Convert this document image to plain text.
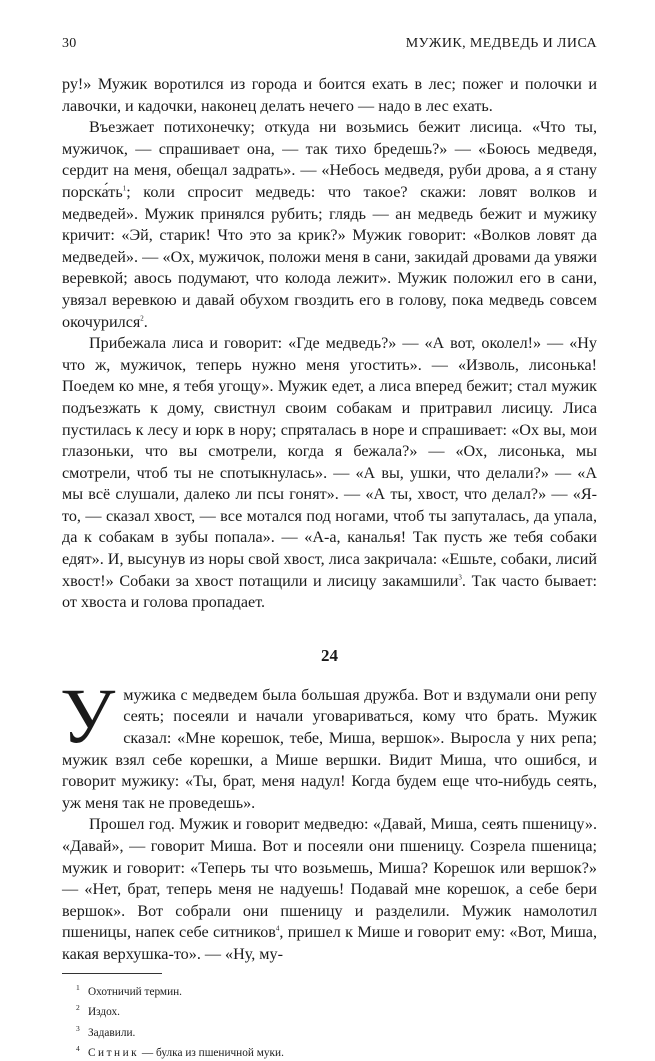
30	МУЖИК, МЕДВЕДЬ И ЛИСА

ру!» Мужик воротился из города и боится ехать в лес; пожег и полочки и лавочки, и кадочки, наконец делать нечего — надо в лес ехать.

Въезжает потихонечку; откуда ни возьмись бежит лисица. «Что ты, мужичок, — спрашивает она, — так тихо бредешь?» — «Боюсь медведя, сердит на меня, обещал задрать». — «Небось медведя, руби дрова, а я стану порска́ть$^1$; коли спросит медведь: что такое? скажи: ловят волков и медведей». Мужик принялся рубить; глядь — ан медведь бежит и мужику кричит: «Эй, старик! Что это за крик?» Мужик говорит: «Волков ловят да медведей». — «Ох, мужичок, положи меня в сани, закидай дровами да увяжи веревкой; авось подумают, что колода лежит». Мужик положил его в сани, увязал веревкою и давай обухом гвоздить его в голову, пока медведь совсем окочурился$^2$.

Прибежала лиса и говорит: «Где медведь?» — «А вот, околел!» — «Ну что ж, мужичок, теперь нужно меня угостить». — «Изволь, лисонька! Поедем ко мне, я тебя угощу». Мужик едет, а лиса вперед бежит; стал мужик подъезжать к дому, свистнул своим собакам и притравил лисицу. Лиса пустилась к лесу и юрк в нору; спряталась в норе и спрашивает: «Ох вы, мои глазоньки, что вы смотрели, когда я бежала?» — «Ох, лисонька, мы смотрели, чтоб ты не спотыкнулась». — «А вы, ушки, что делали?» — «А мы всё слушали, далеко ли псы гонят». — «А ты, хвост, что делал?» — «Я-то, — сказал хвост, — все мотался под ногами, чтоб ты запуталась, да упала, да к собакам в зубы попала». — «А-а, каналья! Так пусть же тебя собаки едят». И, высунув из норы свой хвост, лиса закричала: «Ешьте, собаки, лисий хвост!» Собаки за хвост потащили и лисицу закамшили$^3$. Так часто бывает: от хвоста и голова пропадает.

24

У мужика с медведем была большая дружба. Вот и вздумали они репу сеять; посеяли и начали уговариваться, кому что брать. Мужик сказал: «Мне корешок, тебе, Миша, вершок». Выросла у них репа; мужик взял себе корешки, а Мише вершки. Видит Миша, что ошибся, и говорит мужику: «Ты, брат, меня надул! Когда будем еще что-нибудь сеять, уж меня так не проведешь».

Прошел год. Мужик и говорит медведю: «Давай, Миша, сеять пшеницу». «Давай», — говорит Миша. Вот и посеяли они пшеницу. Созрела пшеница; мужик и говорит: «Теперь ты что возьмешь, Миша? Корешок или вершок?» — «Нет, брат, теперь меня не надуешь! Подавай мне корешок, а себе бери вершок». Вот собрали они пшеницу и разделили. Мужик намолотил пшеницы, напек себе ситников$^4$, пришел к Мише и говорит ему: «Вот, Миша, какая верхушка-то». — «Ну, му-

$^1$ Охотничий термин.
$^2$ Издох.
$^3$ Задавили.
$^4$ Ситник — булка из пшеничной муки.
